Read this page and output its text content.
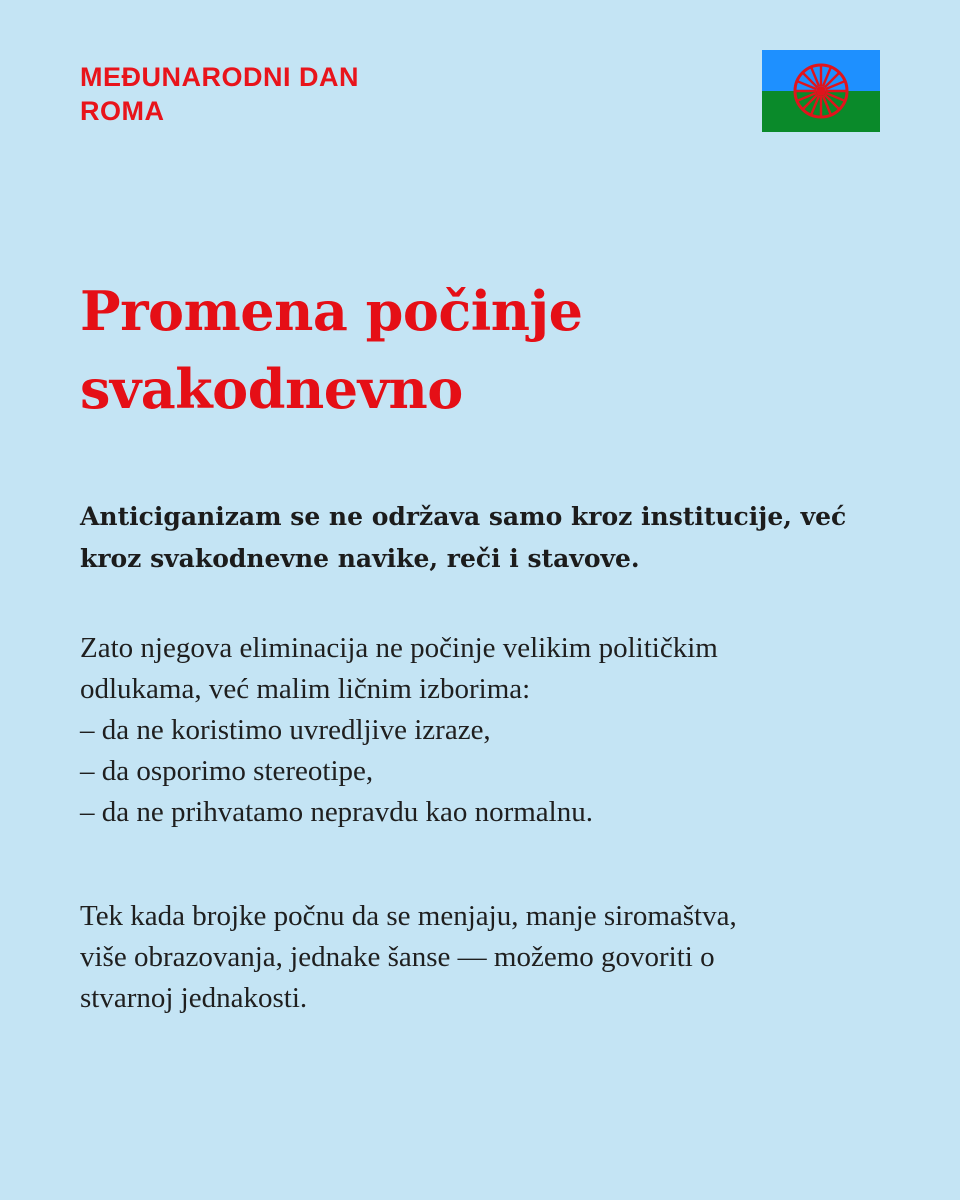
MEĐUNARODNI DAN
ROMA
Promena počinje
svakodnevno

Anticiganizam se ne održava samo kroz institucije, već
kroz svakodnevne navike, reči i stavove.

Zato njegova eliminacija ne počinje velikim političkim
odlukama, već malim ličnim izborima:
– da ne koristimo uvredljive izraze,
– da osporimo stereotipe,
– da ne prihvatamo nepravdu kao normalnu.

Tek kada brojke počnu da se menjaju, manje siromaštva,
više obrazovanja, jednake šanse — možemo govoriti o
stvarnoj jednakosti.
